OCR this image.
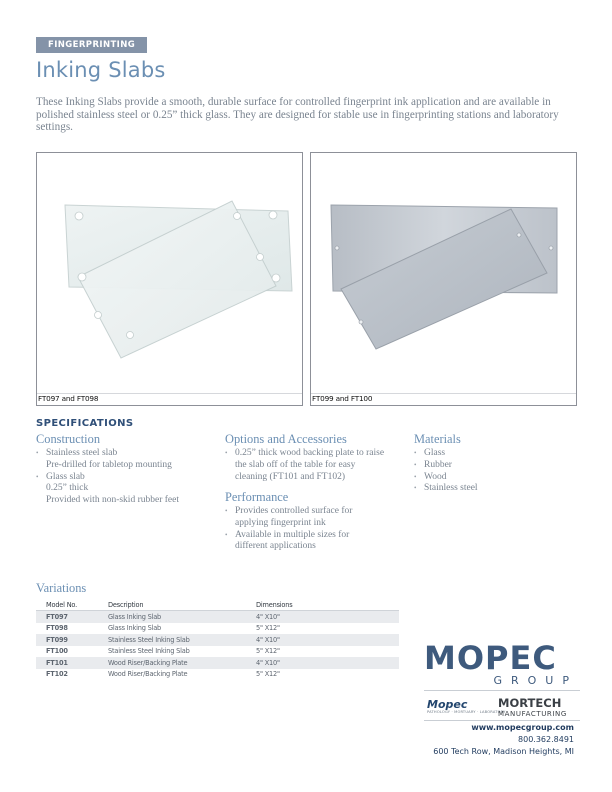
FINGERPRINTING
Inking Slabs

These Inking Slabs provide a smooth, durable surface for controlled fingerprint ink application and are available in polished stainless steel or 0.25” thick glass. They are designed for stable use in fingerprinting stations and laboratory settings.

FT097 and FT098	FT099 and FT100
SPECIFICATIONS
Construction
• Stainless steel slab
Pre-drilled for tabletop mounting
• Glass slab
0.25” thick
Provided with non-skid rubber feet
Options and Accessories
• 0.25” thick wood backing plate to raise the slab off of the table for easy cleaning (FT101 and FT102)
Performance
• Provides controlled surface for applying fingerprint ink
• Available in multiple sizes for different applications
Materials
• Glass
• Rubber
• Wood
• Stainless steel
Variations
Model No.	Description	Dimensions
FT097	Glass Inking Slab	4" X10"
FT098	Glass Inking Slab	5" X12"
FT099	Stainless Steel Inking Slab	4" X10"
FT100	Stainless Steel Inking Slab	5" X12"
FT101	Wood Riser/Backing Plate	4" X10"
FT102	Wood Riser/Backing Plate	5" X12"	MOPEC
GROUP
Mopec
PATHOLOGY · MORTUARY · LABORATORY
MORTECH
MANUFACTURING

www.mopecgroup.com

800.362.8491

600 Tech Row, Madison Heights, MI
